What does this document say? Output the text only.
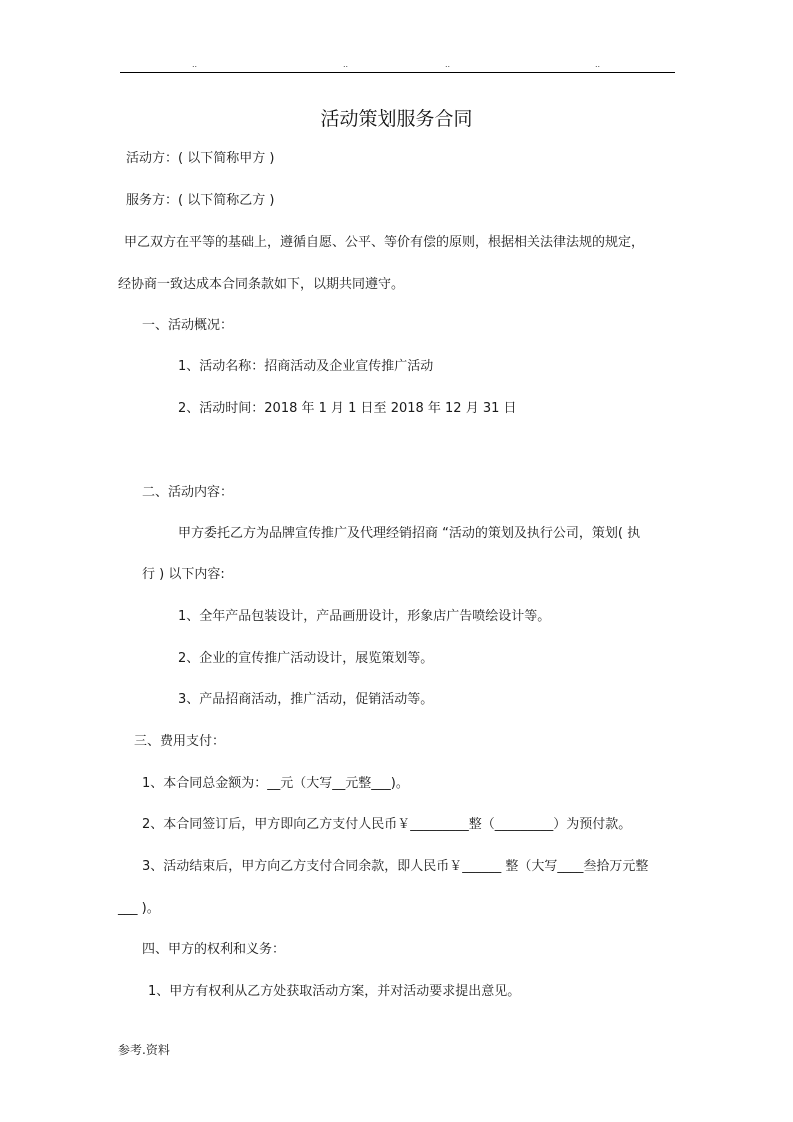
..	..	..	..
活动策划服务合同
活动方：( 以下简称甲方 )
服务方：( 以下简称乙方 )
甲乙双方在平等的基础上，遵循自愿、公平、等价有偿的原则，根据相关法律法规的规定，
经协商一致达成本合同条款如下，以期共同遵守。
一、活动概况：
1、活动名称：招商活动及企业宣传推广活动
2、活动时间：2018 年 1 月 1 日至 2018 年 12 月 31 日
二、活动内容：
甲方委托乙方为品牌宣传推广及代理经销招商 “活动的策划及执行公司，策划( 执
行 ) 以下内容:
1、全年产品包装设计，产品画册设计，形象店广告喷绘设计等。
2、企业的宣传推广活动设计，展览策划等。
3、产品招商活动，推广活动，促销活动等。
三、费用支付：
1、本合同总金额为：__元（大写__元整___)。
2、本合同签订后，甲方即向乙方支付人民币￥_________整（_________）为预付款。
3、活动结束后，甲方向乙方支付合同余款，即人民币￥______ 整（大写____叁拾万元整
___ )。
四、甲方的权利和义务：
1、甲方有权利从乙方处获取活动方案，并对活动要求提出意见。
参考.资料
